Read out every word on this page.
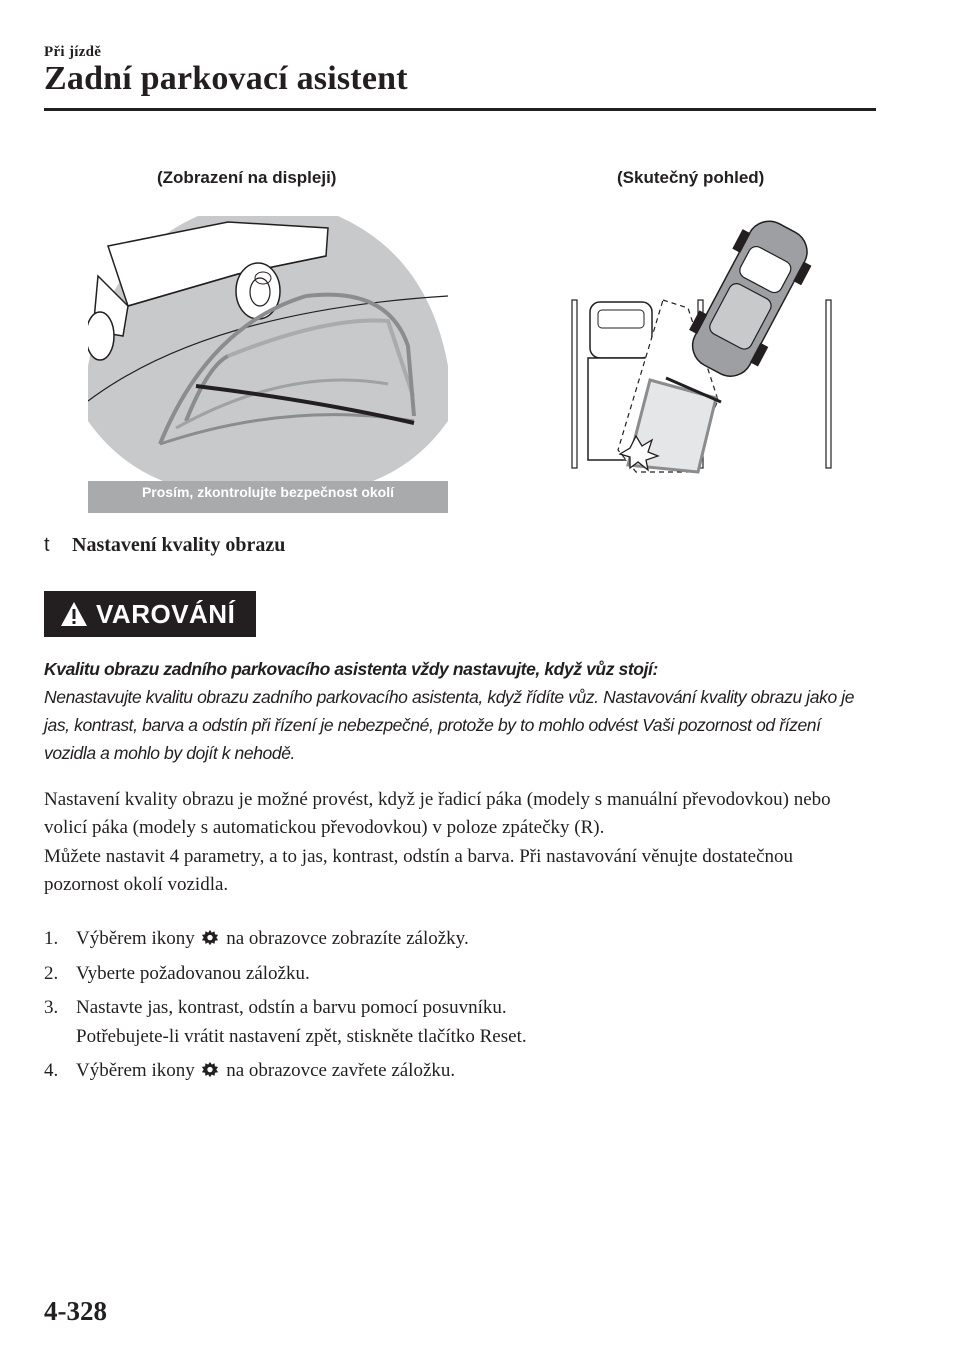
Při jízdě
Zadní parkovací asistent
(Zobrazení na displeji)	(Skutečný pohled)
Prosím, zkontrolujte bezpečnost okolí
t Nastavení kvality obrazu
VAROVÁNÍ
Kvalitu obrazu zadního parkovacího asistenta vždy nastavujte, když vůz stojí:
Nenastavujte kvalitu obrazu zadního parkovacího asistenta, když řídíte vůz. Nastavování kvality obrazu jako je jas, kontrast, barva a odstín při řízení je nebezpečné, protože by to mohlo odvést Vaši pozornost od řízení vozidla a mohlo by dojít k nehodě.

Nastavení kvality obrazu je možné provést, když je řadicí páka (modely s manuální převodovkou) nebo volicí páka (modely s automatickou převodovkou) v poloze zpátečky (R).

Můžete nastavit 4 parametry, a to jas, kontrast, odstín a barva. Při nastavování věnujte dostatečnou pozornost okolí vozidla.

1. Výběrem ikony na obrazovce zobrazíte záložky.
2. Vyberte požadovanou záložku.
3. Nastavte jas, kontrast, odstín a barvu pomocí posuvníku.
Potřebujete-li vrátit nastavení zpět, stiskněte tlačítko Reset.
4. Výběrem ikony na obrazovce zavřete záložku.
4-328
